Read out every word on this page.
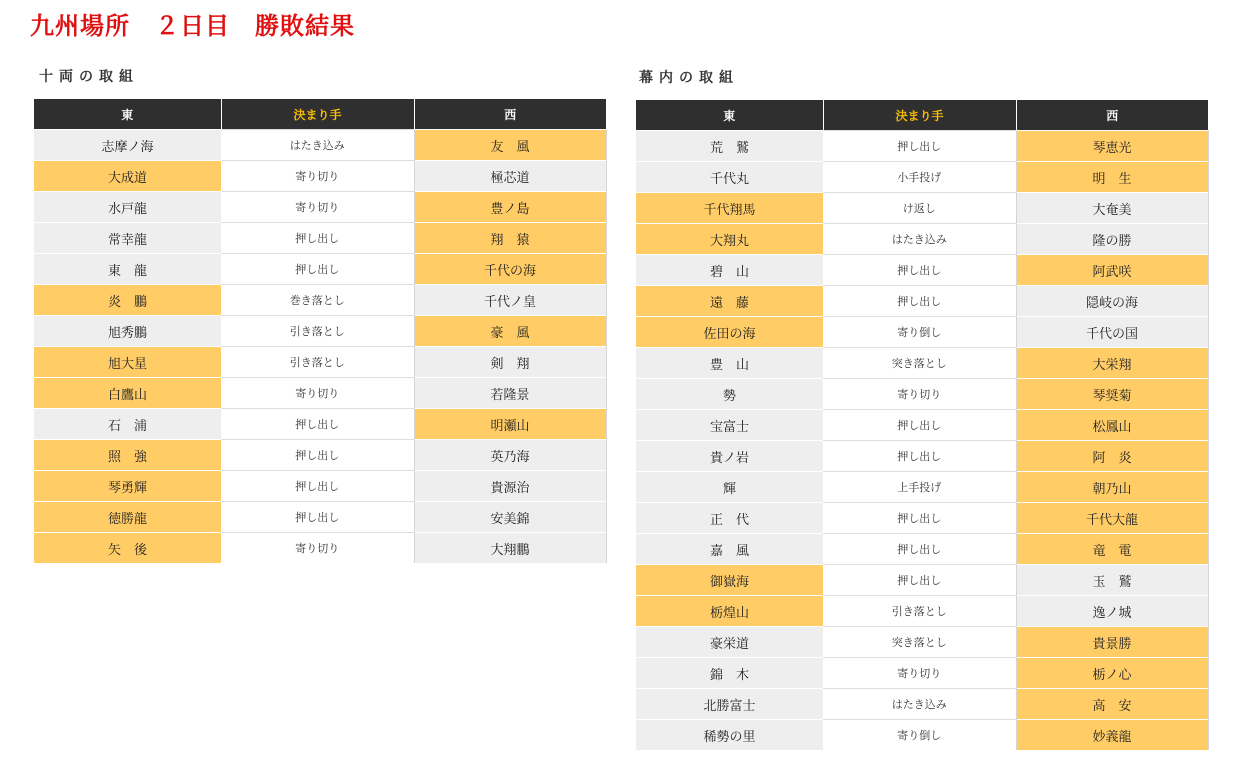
九州場所　２日目　勝敗結果
十両の取組
東	決まり手	西
志摩ノ海	はたき込み	友　風
大成道	寄り切り	極芯道
水戸龍	寄り切り	豊ノ島
常幸龍	押し出し	翔　猿
東　龍	押し出し	千代の海
炎　鵬	巻き落とし	千代ノ皇
旭秀鵬	引き落とし	豪　風
旭大星	引き落とし	剣　翔
白鷹山	寄り切り	若隆景
石　浦	押し出し	明瀬山
照　強	押し出し	英乃海
琴勇輝	押し出し	貴源治
徳勝龍	押し出し	安美錦
矢　後	寄り切り	大翔鵬
幕内の取組
東	決まり手	西
荒　鷲	押し出し	琴恵光
千代丸	小手投げ	明　生
千代翔馬	け返し	大奄美
大翔丸	はたき込み	隆の勝
碧　山	押し出し	阿武咲
遠　藤	押し出し	隠岐の海
佐田の海	寄り倒し	千代の国
豊　山	突き落とし	大栄翔
勢	寄り切り	琴奨菊
宝富士	押し出し	松鳳山
貴ノ岩	押し出し	阿　炎
輝	上手投げ	朝乃山
正　代	押し出し	千代大龍
嘉　風	押し出し	竜　電
御嶽海	押し出し	玉　鷲
栃煌山	引き落とし	逸ノ城
豪栄道	突き落とし	貴景勝
錦　木	寄り切り	栃ノ心
北勝富士	はたき込み	高　安
稀勢の里	寄り倒し	妙義龍
